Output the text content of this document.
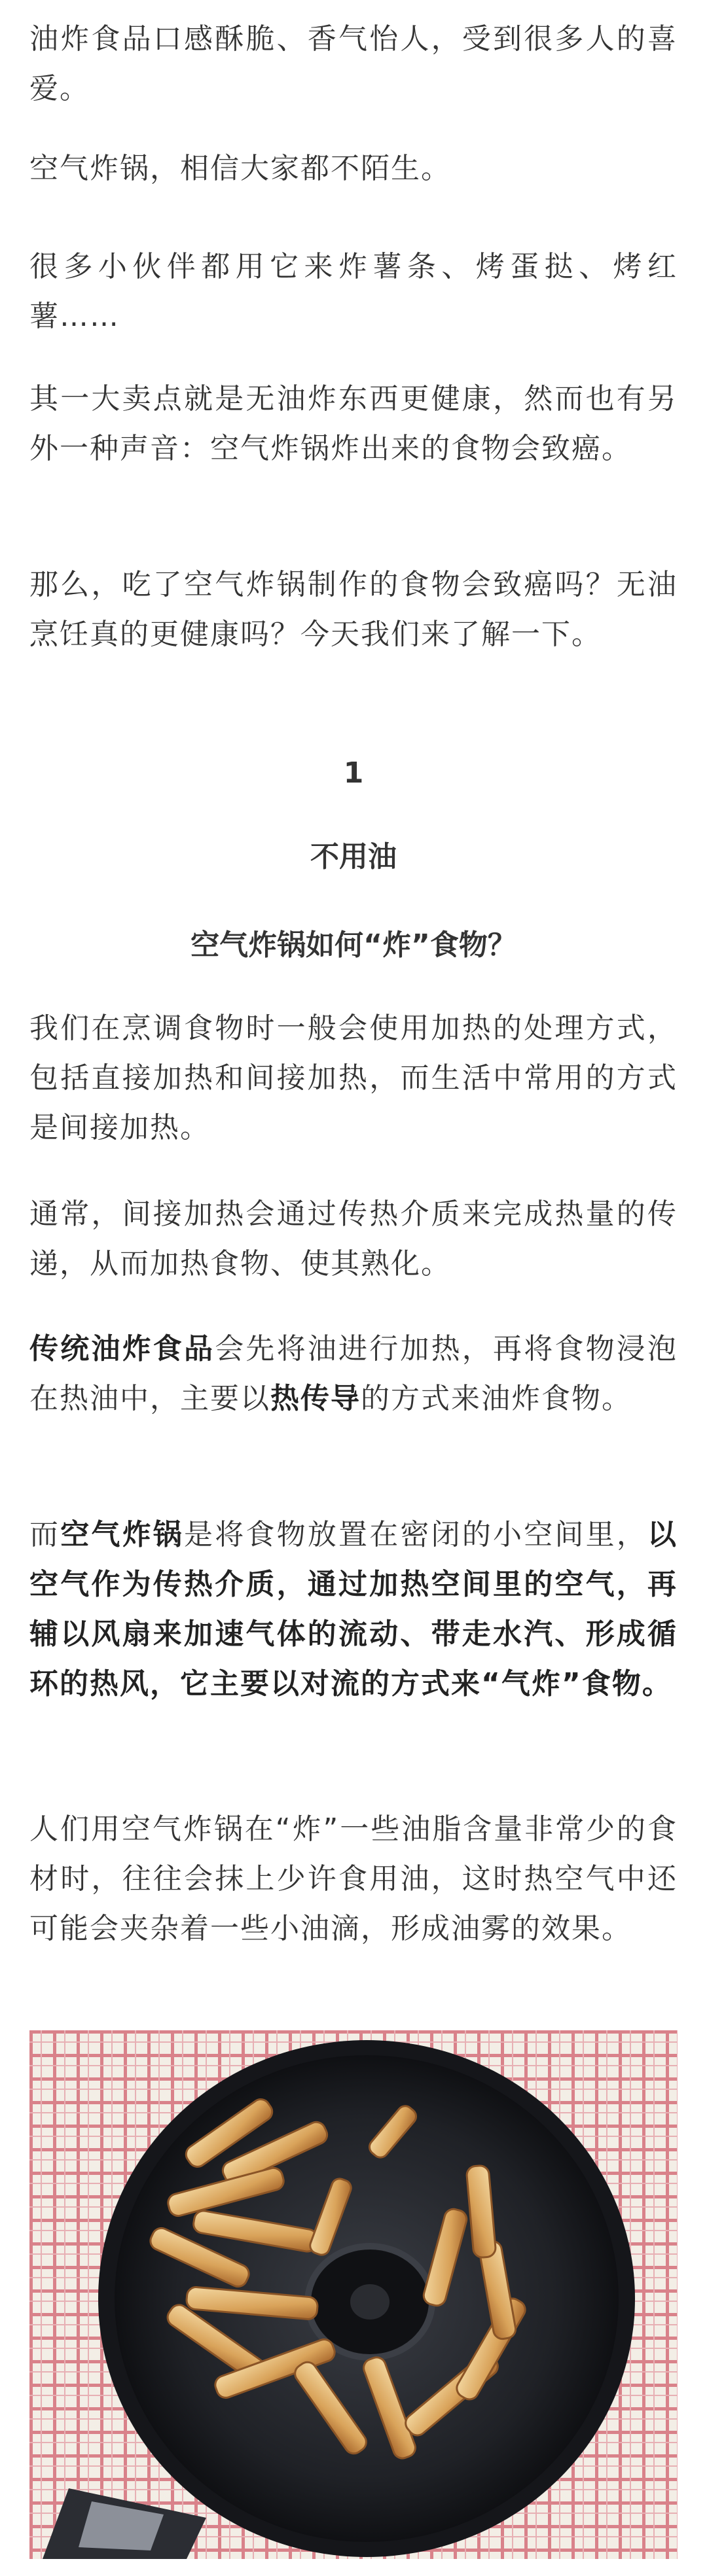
油炸食品口感酥脆、香气怡人，受到很多人的喜爱。

空气炸锅，相信大家都不陌生。

很多小伙伴都用它来炸薯条、烤蛋挞、烤红薯……

其一大卖点就是无油炸东西更健康，然而也有另外一种声音：空气炸锅炸出来的食物会致癌。

那么，吃了空气炸锅制作的食物会致癌吗？无油烹饪真的更健康吗？今天我们来了解一下。

1
不用油
空气炸锅如何“炸”食物？

我们在烹调食物时一般会使用加热的处理方式，包括直接加热和间接加热，而生活中常用的方式是间接加热。

通常，间接加热会通过传热介质来完成热量的传递，从而加热食物、使其熟化。

传统油炸食品会先将油进行加热，再将食物浸泡在热油中，主要以热传导的方式来油炸食物。

而空气炸锅是将食物放置在密闭的小空间里，以空气作为传热介质，通过加热空间里的空气，再辅以风扇来加速气体的流动、带走水汽、形成循环的热风，它主要以对流的方式来“气炸”食物。

人们用空气炸锅在“炸”一些油脂含量非常少的食材时，往往会抹上少许食用油，这时热空气中还可能会夹杂着一些小油滴，形成油雾的效果。
